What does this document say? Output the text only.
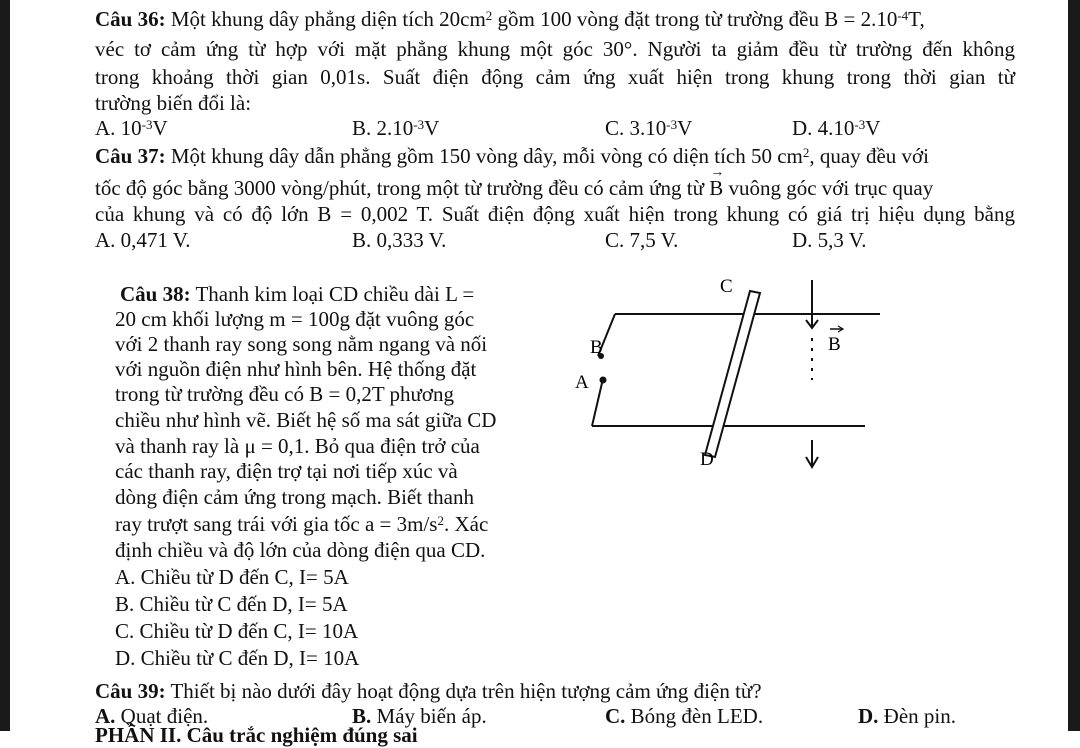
Câu 36: Một khung dây phẳng diện tích $20cm^2$ gồm 100 vòng đặt trong từ trường đều $B = 2.10^{-4}T$,
véc tơ cảm ứng từ hợp với mặt phẳng khung một góc 30°. Người ta giảm đều từ trường đến không
trong khoảng thời gian 0,01s. Suất điện động cảm ứng xuất hiện trong khung trong thời gian từ
trường biến đổi là:
A. $10^{-3}V$	B. $2.10^{-3}V$	C. $3.10^{-3}V$	D. $4.10^{-3}V$
Câu 37: Một khung dây dẫn phẳng gồm 150 vòng dây, mỗi vòng có diện tích 50 $cm^2$, quay đều với
tốc độ góc bằng 3000 vòng/phút, trong một từ trường đều có cảm ứng từ → B vuông góc với trục quay
của khung và có độ lớn B = 0,002 T. Suất điện động xuất hiện trong khung có giá trị hiệu dụng bằng
A. 0,471 V.	B. 0,333 V.	C. 7,5 V.	D. 5,3 V.
Câu 38: Thanh kim loại CD chiều dài L =
20 cm khối lượng m = 100g đặt vuông góc
với 2 thanh ray song song nằm ngang và nối
với nguồn điện như hình bên. Hệ thống đặt
trong từ trường đều có B = 0,2T phương
chiều như hình vẽ. Biết hệ số ma sát giữa CD
và thanh ray là μ = 0,1. Bỏ qua điện trở của
các thanh ray, điện trợ tại nơi tiếp xúc và
dòng điện cảm ứng trong mạch. Biết thanh
ray trượt sang trái với gia tốc $a = 3m/s^2$. Xác
định chiều và độ lớn của dòng điện qua CD.
A. Chiều từ D đến C, I= 5A
B. Chiều từ C đến D, I= 5A
C. Chiều từ D đến C, I= 10A
D. Chiều từ C đến D, I= 10A
C
D
B
A
B
Câu 39: Thiết bị nào dưới đây hoạt động dựa trên hiện tượng cảm ứng điện từ?
A. Quạt điện.	B. Máy biến áp.	C. Bóng đèn LED.	D. Đèn pin.
PHẦN II. Câu trắc nghiệm đúng sai
